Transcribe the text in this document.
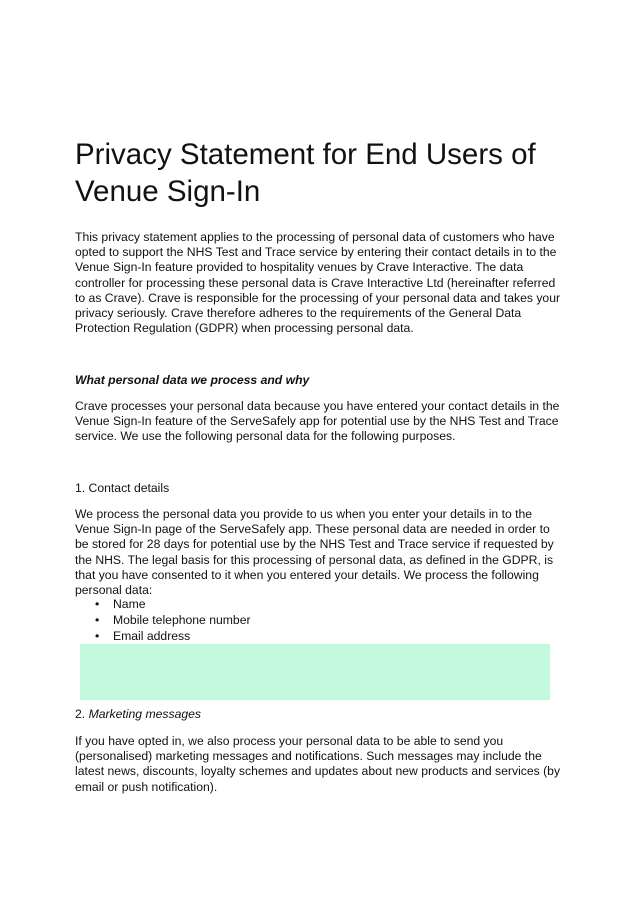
Privacy Statement for End Users of
Venue Sign-In

This privacy statement applies to the processing of personal data of customers who have opted to support the NHS Test and Trace service by entering their contact details in to the Venue Sign-In feature provided to hospitality venues by Crave Interactive. The data controller for processing these personal data is Crave Interactive Ltd (hereinafter referred to as Crave). Crave is responsible for the processing of your personal data and takes your privacy seriously. Crave therefore adheres to the requirements of the General Data Protection Regulation (GDPR) when processing personal data.

What personal data we process and why

Crave processes your personal data because you have entered your contact details in the Venue Sign-In feature of the ServeSafely app for potential use by the NHS Test and Trace service. We use the following personal data for the following purposes.

1. Contact details

We process the personal data you provide to us when you enter your details in to the Venue Sign-In page of the ServeSafely app. These personal data are needed in order to be stored for 28 days for potential use by the NHS Test and Trace service if requested by the NHS. The legal basis for this processing of personal data, as defined in the GDPR, is that you have consented to it when you entered your details. We process the following personal data:

•	Name
•	Mobile telephone number
•	Email address

2. Marketing messages

If you have opted in, we also process your personal data to be able to send you (personalised) marketing messages and notifications. Such messages may include the latest news, discounts, loyalty schemes and updates about new products and services (by email or push notification).
